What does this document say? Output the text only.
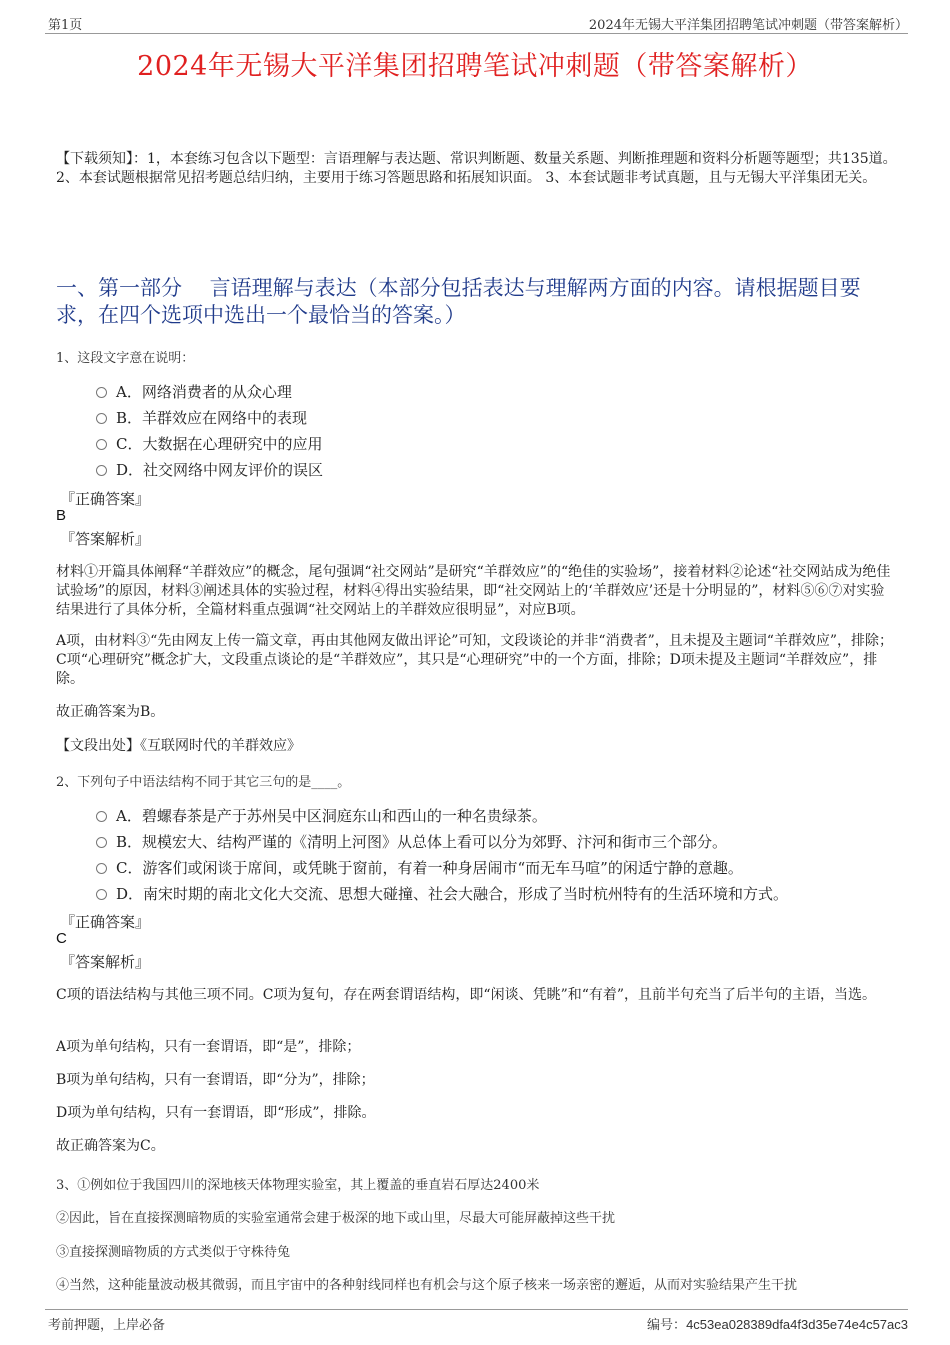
第1页	2024年无锡大平洋集团招聘笔试冲刺题（带答案解析）
2024年无锡大平洋集团招聘笔试冲刺题（带答案解析）
【下载须知】：1，本套练习包含以下题型：言语理解与表达题、常识判断题、数量关系题、判断推理题和资料分析题等题型；共135道。 2、本套试题根据常见招考题总结归纳，主要用于练习答题思路和拓展知识面。 3、本套试题非考试真题，且与无锡大平洋集团无关。
一、第一部分　 言语理解与表达（本部分包括表达与理解两方面的内容。请根据题目要求，在四个选项中选出一个最恰当的答案。）
1、这段文字意在说明：
A．网络消费者的从众心理
B．羊群效应在网络中的表现
C．大数据在心理研究中的应用
D．社交网络中网友评价的误区
『正确答案』
B
『答案解析』
材料①开篇具体阐释“羊群效应”的概念，尾句强调“社交网站”是研究“羊群效应”的“绝佳的实验场”，接着材料②论述“社交网站成为绝佳试验场”的原因，材料③阐述具体的实验过程，材料④得出实验结果，即“社交网站上的‘羊群效应’还是十分明显的”，材料⑤⑥⑦对实验结果进行了具体分析，全篇材料重点强调“社交网站上的羊群效应很明显”，对应B项。
A项，由材料③“先由网友上传一篇文章，再由其他网友做出评论”可知，文段谈论的并非“消费者”，且未提及主题词“羊群效应”，排除；C项“心理研究”概念扩大，文段重点谈论的是“羊群效应”，其只是“心理研究”中的一个方面，排除；D项未提及主题词“羊群效应”，排除。
故正确答案为B。
【文段出处】《互联网时代的羊群效应》
2、下列句子中语法结构不同于其它三句的是____。
A．碧螺春茶是产于苏州吴中区洞庭东山和西山的一种名贵绿茶。
B．规模宏大、结构严谨的《清明上河图》从总体上看可以分为郊野、汴河和街市三个部分。
C．游客们或闲谈于席间，或凭眺于窗前，有着一种身居闹市“而无车马喧”的闲适宁静的意趣。
D．南宋时期的南北文化大交流、思想大碰撞、社会大融合，形成了当时杭州特有的生活环境和方式。
『正确答案』
C
『答案解析』
C项的语法结构与其他三项不同。C项为复句，存在两套谓语结构，即“闲谈、凭眺”和“有着”，且前半句充当了后半句的主语，当选。
A项为单句结构，只有一套谓语，即“是”，排除；
B项为单句结构，只有一套谓语，即“分为”，排除；
D项为单句结构，只有一套谓语，即“形成”，排除。
故正确答案为C。
3、①例如位于我国四川的深地核天体物理实验室，其上覆盖的垂直岩石厚达2400米
②因此，旨在直接探测暗物质的实验室通常会建于极深的地下或山里，尽最大可能屏蔽掉这些干扰
③直接探测暗物质的方式类似于守株待兔
④当然，这种能量波动极其微弱，而且宇宙中的各种射线同样也有机会与这个原子核来一场亲密的邂逅，从而对实验结果产生干扰
考前押题，上岸必备	编号：4c53ea028389dfa4f3d35e74e4c57ac3
